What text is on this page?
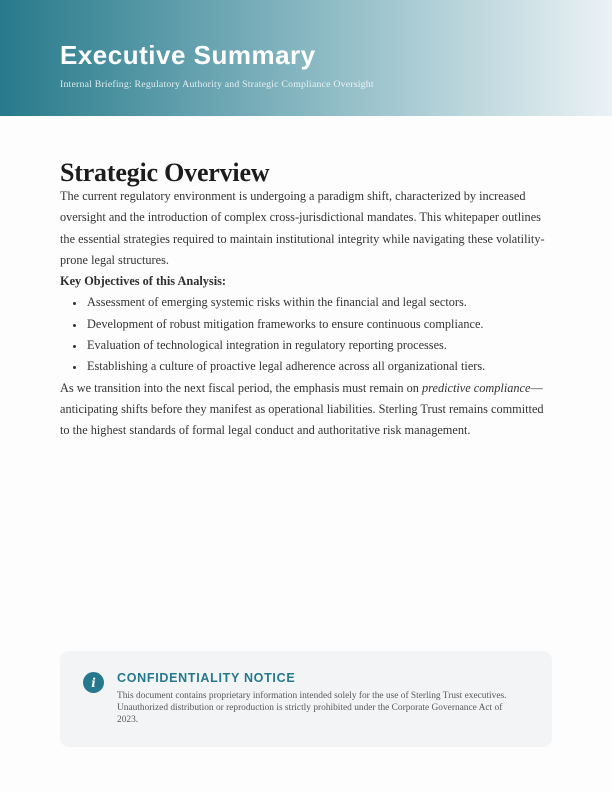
Executive Summary

Internal Briefing: Regulatory Authority and Strategic Compliance Oversight

Strategic Overview

The current regulatory environment is undergoing a paradigm shift, characterized by increased oversight and the introduction of complex cross-jurisdictional mandates. This whitepaper outlines the essential strategies required to maintain institutional integrity while navigating these volatility-prone legal structures.

Key Objectives of this Analysis:

• Assessment of emerging systemic risks within the financial and legal sectors.
• Development of robust mitigation frameworks to ensure continuous compliance.
• Evaluation of technological integration in regulatory reporting processes.
• Establishing a culture of proactive legal adherence across all organizational tiers.

As we transition into the next fiscal period, the emphasis must remain on predictive compliance—anticipating shifts before they manifest as operational liabilities. Sterling Trust remains committed to the highest standards of formal legal conduct and authoritative risk management.

i CONFIDENTIALITY NOTICE

This document contains proprietary information intended solely for the use of Sterling Trust executives. Unauthorized distribution or reproduction is strictly prohibited under the Corporate Governance Act of 2023.
